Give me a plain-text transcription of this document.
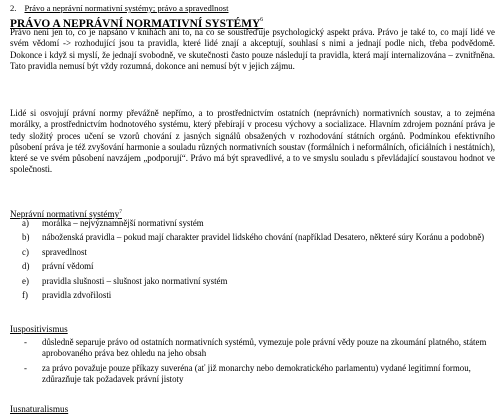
2. Právo a neprávní normativní systémy; právo a spravedlnost
PRÁVO A NEPRÁVNÍ NORMATIVNÍ SYSTÉMY$^6$
Právo není jen to, co je napsáno v knihách ani to, na co se soustřeďuje psychologický aspekt práva. Právo je také to, co mají lidé ve svém vědomí -> rozhodující jsou ta pravidla, které lidé znají a akceptují, souhlasí s nimi a jednají podle nich, třeba podvědomě. Dokonce i když si myslí, že jednají svobodně, ve skutečnosti často pouze následují ta pravidla, která mají internalizována – zvnitřněna. Tato pravidla nemusí být vždy rozumná, dokonce ani nemusí být v jejich zájmu.
Lidé si osvojují právní normy převážně nepřímo, a to prostřednictvím ostatních (neprávních) normativních soustav, a to zejména morálky, a prostřednictvím hodnotového systému, který přebírají v procesu výchovy a socializace. Hlavním zdrojem poznání práva je tedy složitý proces učení se vzorů chování z jasných signálů obsažených v rozhodování státních orgánů. Podmínkou efektivního působení práva je též zvyšování harmonie a souladu různých normativních soustav (formálních i neformálních, oficiálních i nestátních), které se ve svém působení navzájem „podporují“. Právo má být spravedlivé, a to ve smyslu souladu s převládající soustavou hodnot ve společnosti.
Neprávní normativní systémy$^7$
a) morálka – nejvýznamnější normativní systém
b) náboženská pravidla – pokud mají charakter pravidel lidského chování (například Desatero, některé súry Koránu a podobně)
c) spravedlnost
d) právní vědomí
e) pravidla slušnosti – slušnost jako normativní systém
f) pravidla zdvořilosti
Iuspositivismus
- důsledně separuje právo od ostatních normativních systémů, vymezuje pole právní vědy pouze na zkoumání platného, státem aprobovaného práva bez ohledu na jeho obsah
- za právo považuje pouze příkazy suveréna (ať již monarchy nebo demokratického parlamentu) vydané legitimní formou, zdůrazňuje tak požadavek právní jistoty
Iusnaturalismus
